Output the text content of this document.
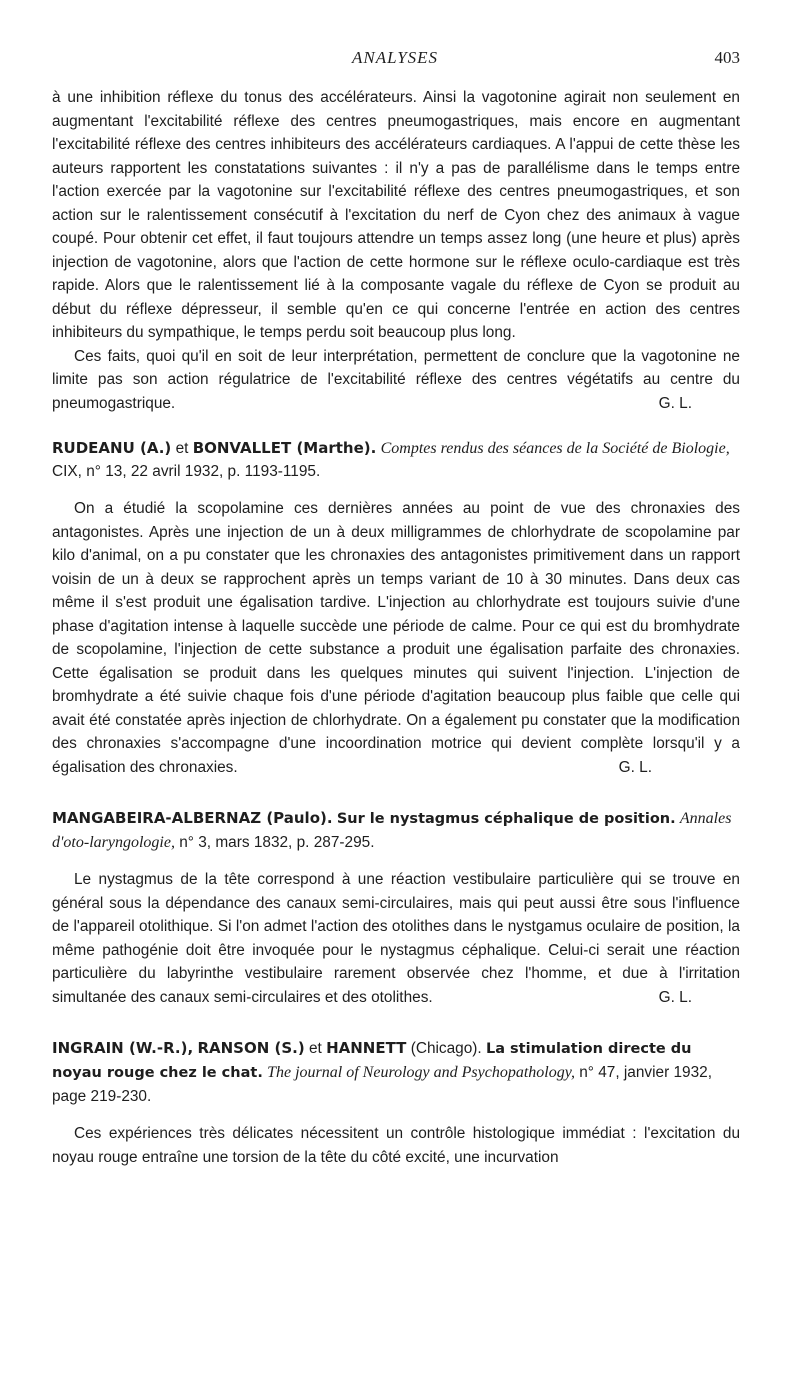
ANALYSES	403

à une inhibition réflexe du tonus des accélérateurs. Ainsi la vagotonine agirait non seulement en augmentant l'excitabilité réflexe des centres pneumogastriques, mais encore en augmentant l'excitabilité réflexe des centres inhibiteurs des accélérateurs cardiaques. A l'appui de cette thèse les auteurs rapportent les constatations suivantes : il n'y a pas de parallélisme dans le temps entre l'action exercée par la vagotonine sur l'excitabilité réflexe des centres pneumogastriques, et son action sur le ralentissement consécutif à l'excitation du nerf de Cyon chez des animaux à vague coupé. Pour obtenir cet effet, il faut toujours attendre un temps assez long (une heure et plus) après injection de vagotonine, alors que l'action de cette hormone sur le réflexe oculo-cardiaque est très rapide. Alors que le ralentissement lié à la composante vagale du réflexe de Cyon se produit au début du réflexe dépresseur, il semble qu'en ce qui concerne l'entrée en action des centres inhibiteurs du sympathique, le temps perdu soit beaucoup plus long.

Ces faits, quoi qu'il en soit de leur interprétation, permettent de conclure que la vagotonine ne limite pas son action régulatrice de l'excitabilité réflexe des centres végétatifs au centre du pneumogastrique.	G. L.

RUDEANU (A.) et BONVALLET (Marthe). Comptes rendus des séances de la Société de Biologie, CIX, n° 13, 22 avril 1932, p. 1193-1195.

On a étudié la scopolamine ces dernières années au point de vue des chronaxies des antagonistes. Après une injection de un à deux milligrammes de chlorhydrate de scopolamine par kilo d'animal, on a pu constater que les chronaxies des antagonistes primitivement dans un rapport voisin de un à deux se rapprochent après un temps variant de 10 à 30 minutes. Dans deux cas même il s'est produit une égalisation tardive. L'injection au chlorhydrate est toujours suivie d'une phase d'agitation intense à laquelle succède une période de calme. Pour ce qui est du bromhydrate de scopolamine, l'injection de cette substance a produit une égalisation parfaite des chronaxies. Cette égalisation se produit dans les quelques minutes qui suivent l'injection. L'injection de bromhydrate a été suivie chaque fois d'une période d'agitation beaucoup plus faible que celle qui avait été constatée après injection de chlorhydrate. On a également pu constater que la modification des chronaxies s'accompagne d'une incoordination motrice qui devient complète lorsqu'il y a égalisation des chronaxies.	G. L.

MANGABEIRA-ALBERNAZ (Paulo). Sur le nystagmus céphalique de position. Annales d'oto-laryngologie, n° 3, mars 1832, p. 287-295.

Le nystagmus de la tête correspond à une réaction vestibulaire particulière qui se trouve en général sous la dépendance des canaux semi-circulaires, mais qui peut aussi être sous l'influence de l'appareil otolithique. Si l'on admet l'action des otolithes dans le nystgamus oculaire de position, la même pathogénie doit être invoquée pour le nystagmus céphalique. Celui-ci serait une réaction particulière du labyrinthe vestibulaire rarement observée chez l'homme, et due à l'irritation simultanée des canaux semi-circulaires et des otolithes.	G. L.

INGRAIN (W.-R.), RANSON (S.) et HANNETT (Chicago). La stimulation directe du noyau rouge chez le chat. The journal of Neurology and Psychopathology, n° 47, janvier 1932, page 219-230.

Ces expériences très délicates nécessitent un contrôle histologique immédiat : l'excitation du noyau rouge entraîne une torsion de la tête du côté excité, une incurvation
